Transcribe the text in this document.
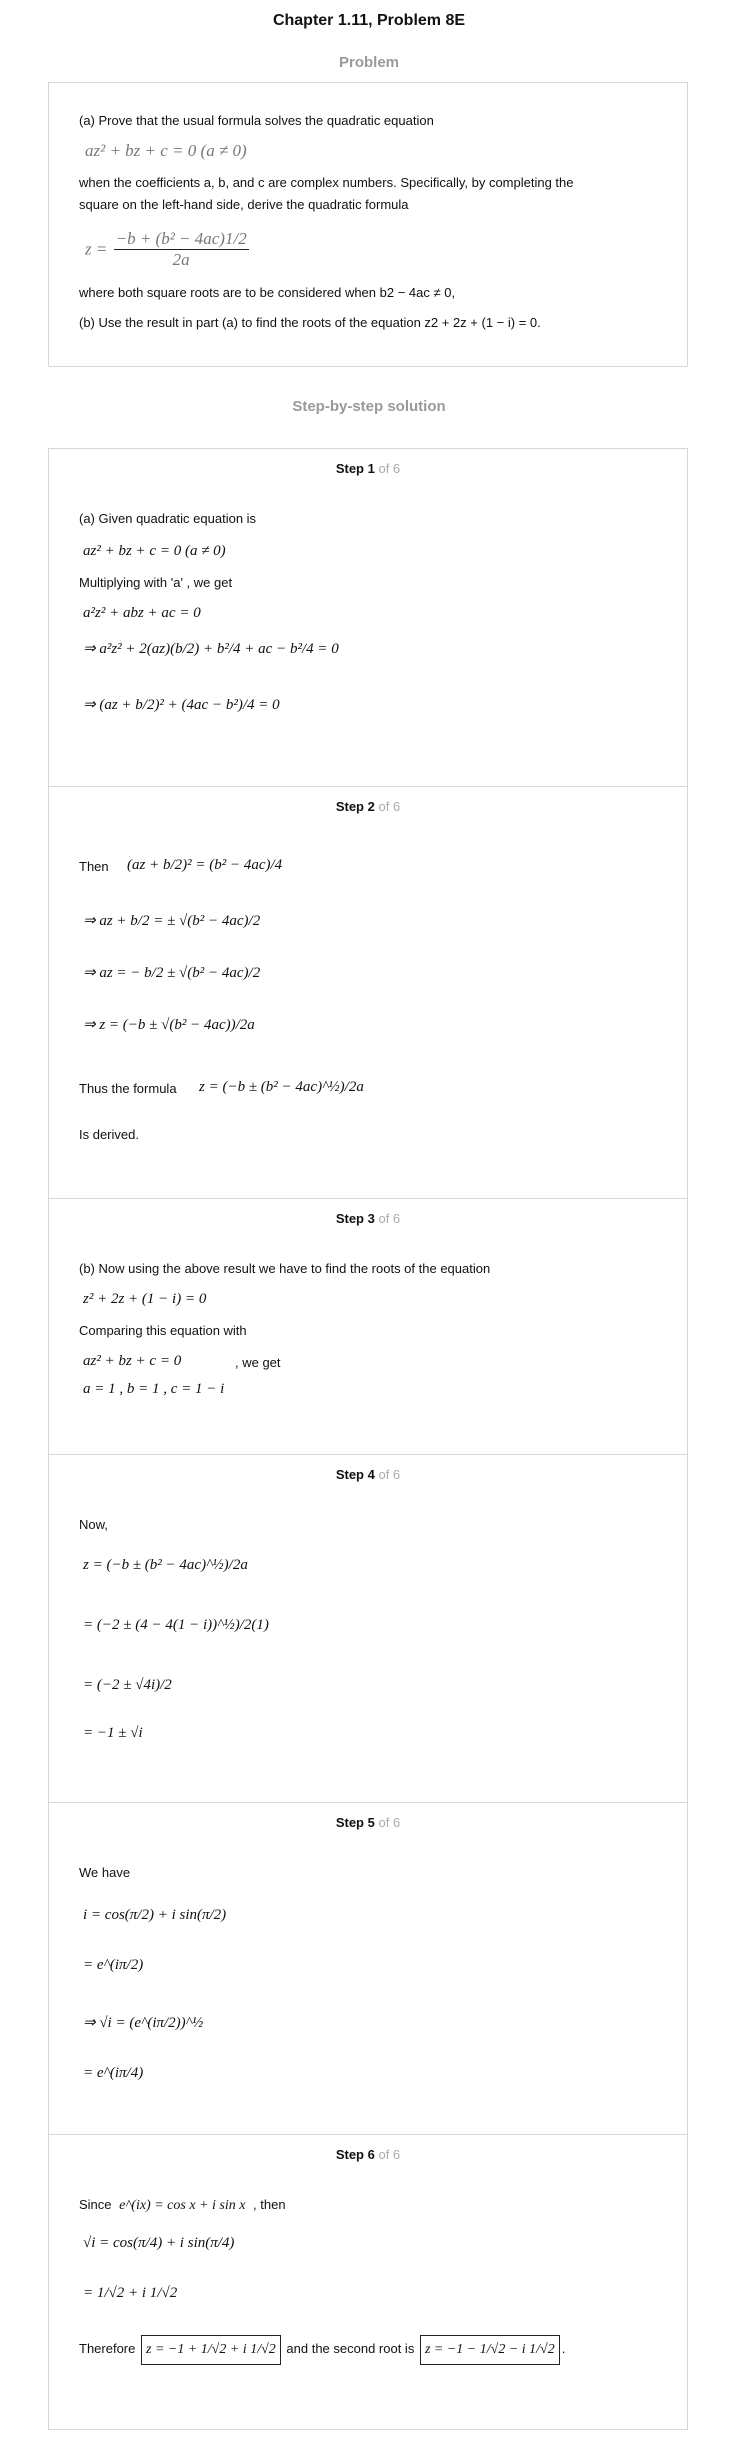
Chapter 1.11, Problem 8E
Problem
(a) Prove that the usual formula solves the quadratic equation
az² + bz + c = 0 (a ≠ 0)
when the coefficients a, b, and c are complex numbers. Specifically, by completing the
square on the left-hand side, derive the quadratic formula
$z = \frac{\text{−b + (b² − 4ac)1/2}}{2a}$
where both square roots are to be considered when b2 − 4ac ≠ 0,
(b) Use the result in part (a) to find the roots of the equation z2 + 2z + (1 − i) = 0.
Step-by-step solution
Step 1 of 6
(a) Given quadratic equation is
az² + bz + c = 0 (a ≠ 0)
Multiplying with 'a' , we get
a²z² + abz + ac = 0
⇒ a²z² + 2(az)(b/2) + b²/4 + ac − b²/4 = 0
⇒ (az + b/2)² + (4ac − b²)/4 = 0
Step 2 of 6
Then (az + b/2)² = (b² − 4ac)/4
⇒ az + b/2 = ± √(b² − 4ac)/2
⇒ az = − b/2 ± √(b² − 4ac)/2
⇒ z = (−b ± √(b² − 4ac))/2a
Thus the formula z = (−b ± (b² − 4ac)^½)/2a
Is derived.
Step 3 of 6
(b) Now using the above result we have to find the roots of the equation
z² + 2z + (1 − i) = 0
Comparing this equation with
az² + bz + c = 0	, we get
a = 1 , b = 1 , c = 1 − i
Step 4 of 6
Now,
z = (−b ± (b² − 4ac)^½)/2a
= (−2 ± (4 − 4(1 − i))^½)/2(1)
= (−2 ± √4i)/2
= −1 ± √i
Step 5 of 6
We have
i = cos(π/2) + i sin(π/2)
= e^(iπ/2)
⇒ √i = (e^(iπ/2))^½
= e^(iπ/4)
Step 6 of 6
Since e^(ix) = cos x + i sin x , then
√i = cos(π/4) + i sin(π/4)
= 1/√2 + i 1/√2
Therefore z = −1 + 1/√2 + i 1/√2 and the second root is z = −1 − 1/√2 − i 1/√2 .
